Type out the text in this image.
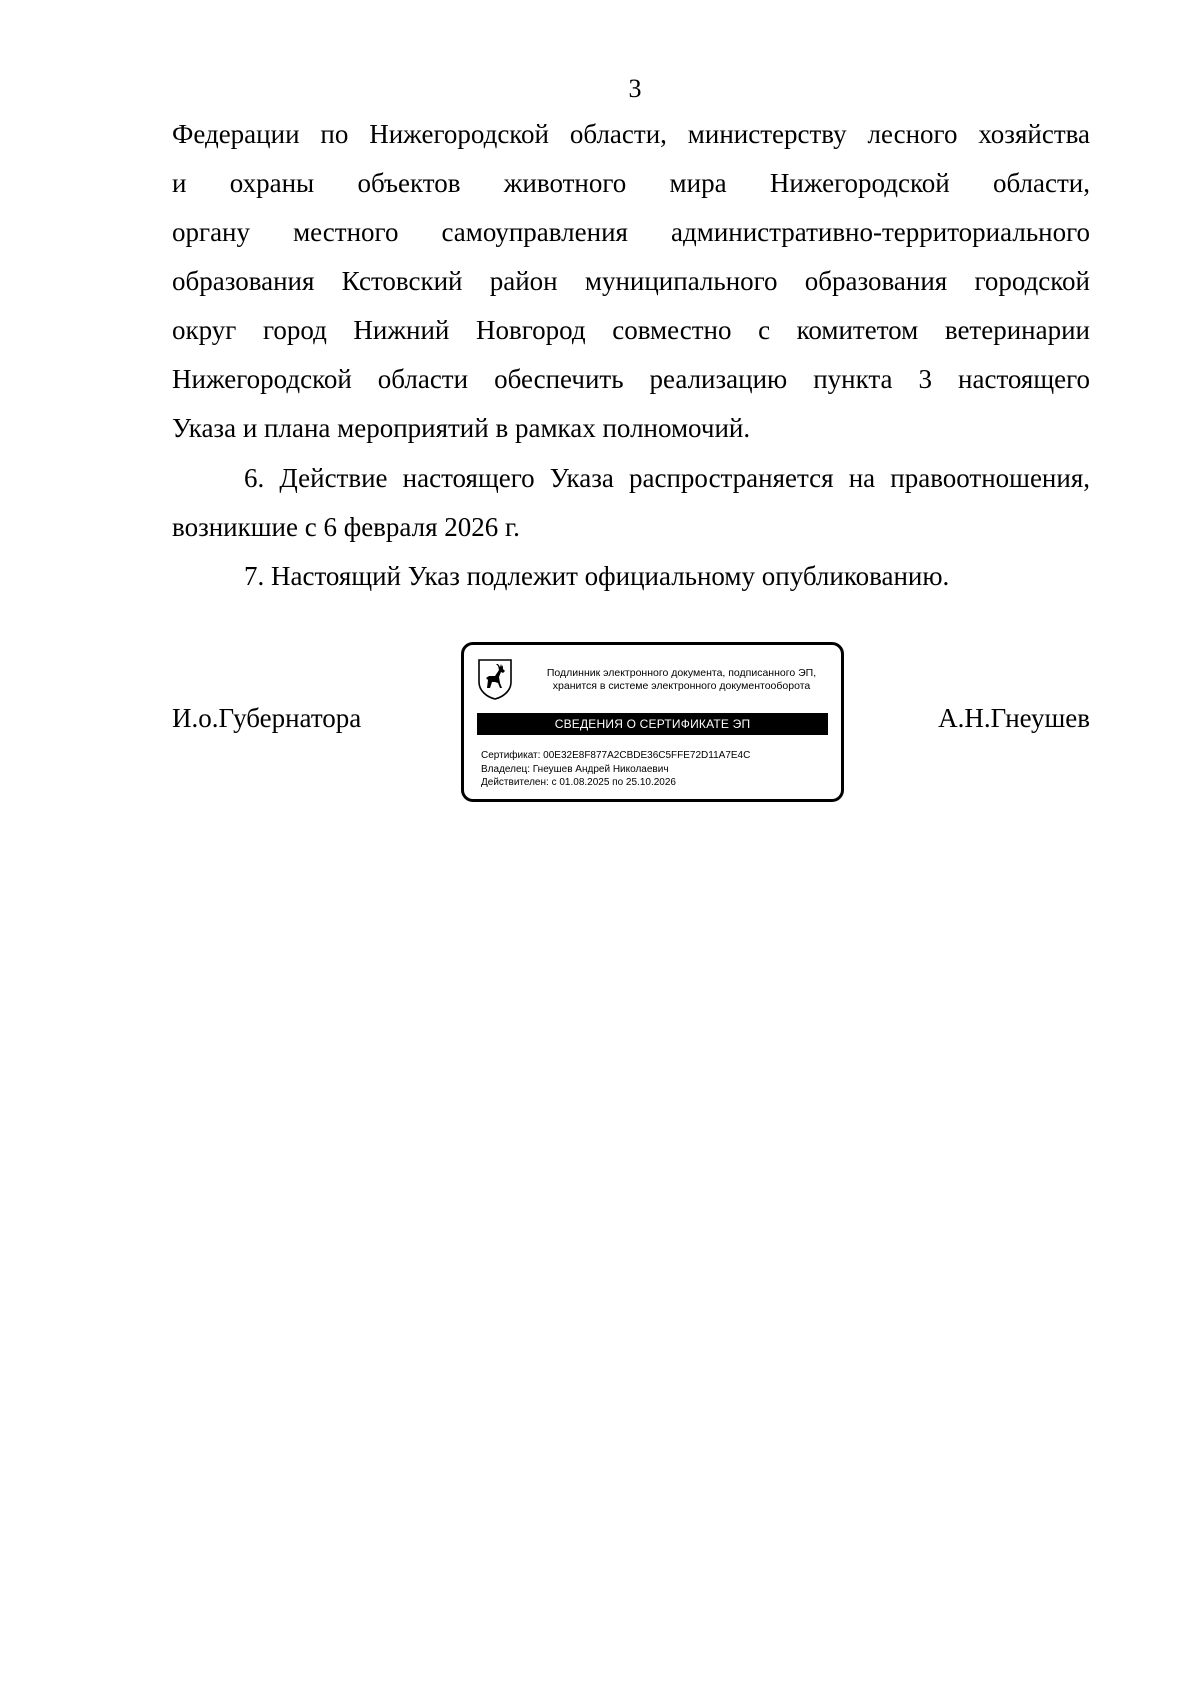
3
Федерации по Нижегородской области, министерству лесного хозяйства
и охраны объектов животного мира Нижегородской области,
органу местного самоуправления административно-территориального
образования Кстовский район муниципального образования городской
округ город Нижний Новгород совместно с комитетом ветеринарии
Нижегородской области обеспечить реализацию пункта 3 настоящего
Указа и плана мероприятий в рамках полномочий.

6. Действие настоящего Указа распространяется на правоотношения, возникшие с 6 февраля 2026 г.

7. Настоящий Указ подлежит официальному опубликованию.

И.о.Губернатора
Подлинник электронного документа, подписанного ЭП,
хранится в системе электронного документооборота
СВЕДЕНИЯ О СЕРТИФИКАТЕ ЭП
Сертификат: 00E32E8F877A2CBDE36C5FFE72D11A7E4C
Владелец: Гнеушев Андрей Николаевич
Действителен: с 01.08.2025 по 25.10.2026
А.Н.Гнеушев
